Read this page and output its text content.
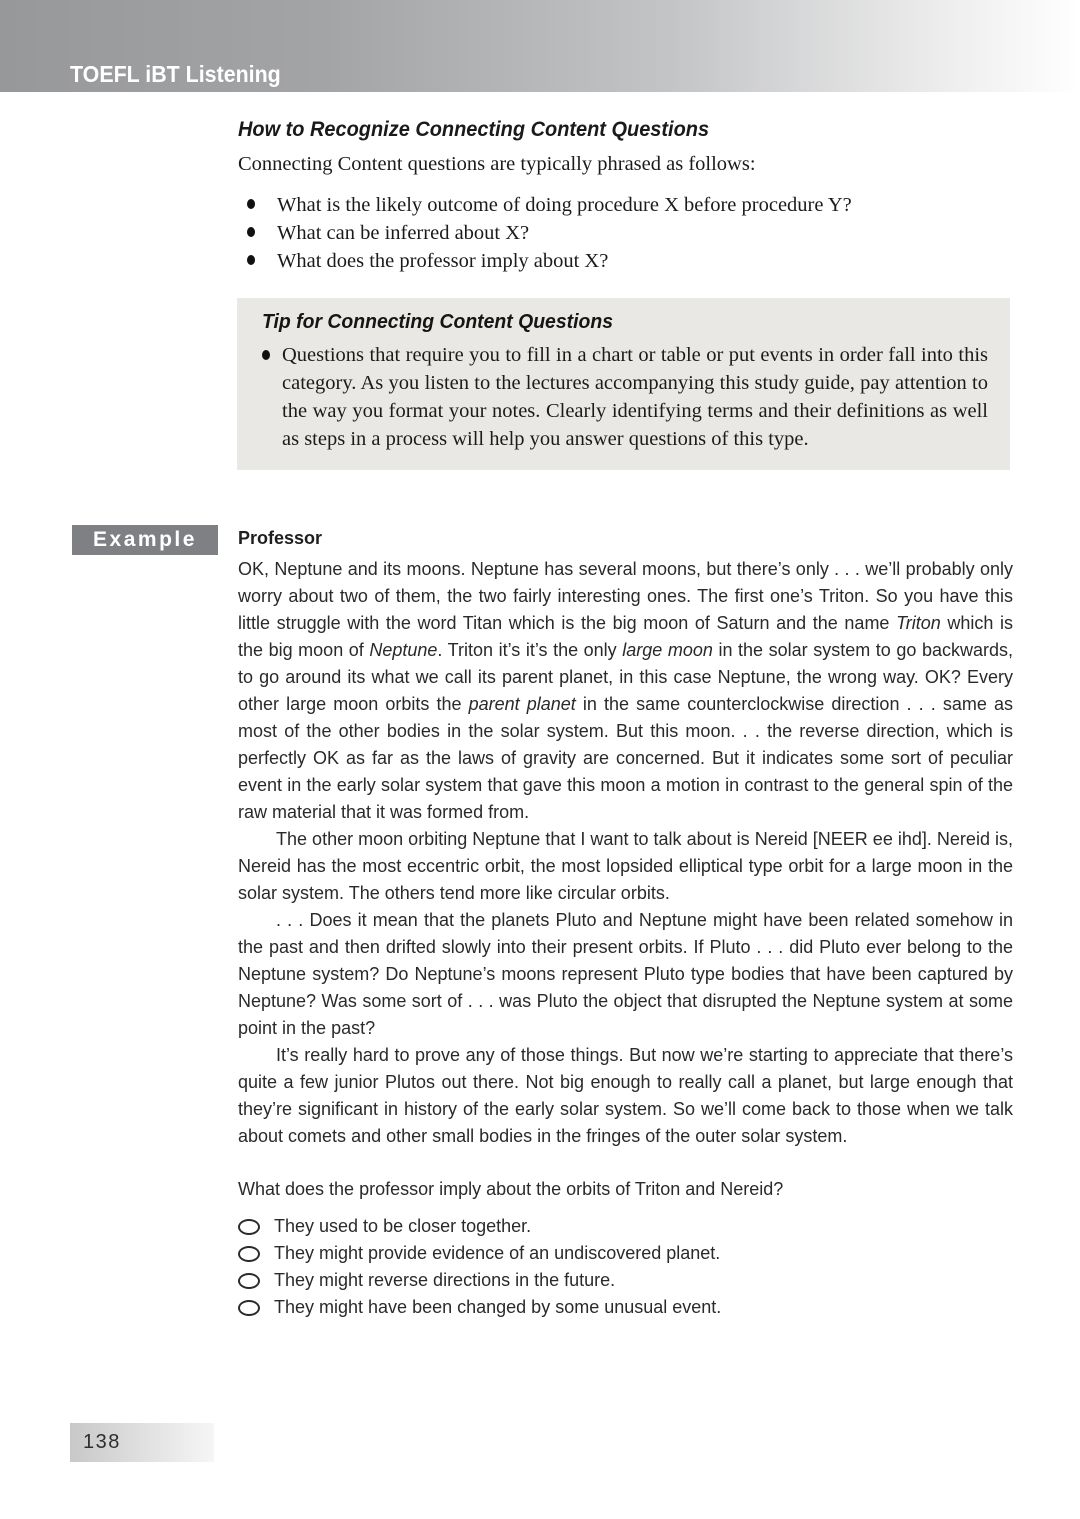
TOEFL iBT Listening
How to Recognize Connecting Content Questions

Connecting Content questions are typically phrased as follows:

What is the likely outcome of doing procedure X before procedure Y?
What can be inferred about X?
What does the professor imply about X?
Tip for Connecting Content Questions

Questions that require you to fill in a chart or table or put events in order fall into this category. As you listen to the lectures accompanying this study guide, pay attention to the way you format your notes. Clearly identifying terms and their definitions as well as steps in a process will help you answer questions of this type.

Example	Professor

OK, Neptune and its moons. Neptune has several moons, but there’s only . . . we’ll probably only worry about two of them, the two fairly interesting ones. The first one’s Triton. So you have this little struggle with the word Titan which is the big moon of Saturn and the name Triton which is the big moon of Neptune. Triton it’s it’s the only large moon in the solar system to go backwards, to go around its what we call its parent planet, in this case Neptune, the wrong way. OK? Every other large moon orbits the parent planet in the same counterclockwise direction . . . same as most of the other bodies in the solar system. But this moon. . . the reverse direction, which is perfectly OK as far as the laws of gravity are concerned. But it indicates some sort of peculiar event in the early solar system that gave this moon a motion in contrast to the general spin of the raw material that it was formed from.

The other moon orbiting Neptune that I want to talk about is Nereid [NEER ee ihd]. Nereid is, Nereid has the most eccentric orbit, the most lopsided elliptical type orbit for a large moon in the solar system. The others tend more like circular orbits.

. . . Does it mean that the planets Pluto and Neptune might have been related somehow in the past and then drifted slowly into their present orbits. If Pluto . . . did Pluto ever belong to the Neptune system? Do Neptune’s moons represent Pluto type bodies that have been captured by Neptune? Was some sort of . . . was Pluto the object that disrupted the Neptune system at some point in the past?

It’s really hard to prove any of those things. But now we’re starting to appreciate that there’s quite a few junior Plutos out there. Not big enough to really call a planet, but large enough that they’re significant in history of the early solar system. So we’ll come back to those when we talk about comets and other small bodies in the fringes of the outer solar system.

What does the professor imply about the orbits of Triton and Nereid?

They used to be closer together.
They might provide evidence of an undiscovered planet.
They might reverse directions in the future.
They might have been changed by some unusual event.
138
